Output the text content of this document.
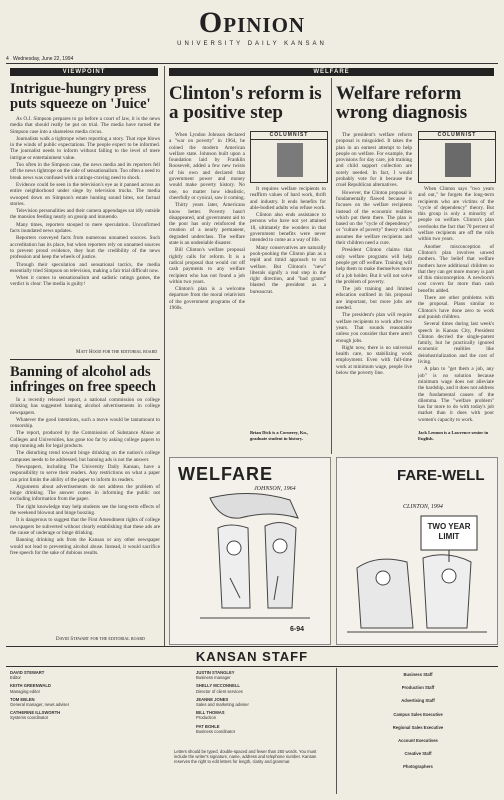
4 Wednesday, June 22, 1994
Opinion
UNIVERSITY DAILY KANSAN
VIEWPOINT
Intrigue-hungry press puts squeeze on 'Juice'

As O.J. Simpson prepares to go before a court of law, it is the news media that should really be put on trial. The media have turned the Simpson case into a shameless media circus.

Journalists walk a tightrope when reporting a story. That rope blows in the winds of public expectations. The people expect to be informed. The journalist needs to inform without falling to the level of mere intrigue or entertainment value.

Too often in the Simpson case, the news media and its reporters fell off the news tightrope on the side of sensationalism. Too often a need to break news was confused with a ratings-craving need to shock.

Evidence could be seen in the television's eye as it panned across an entire neighborhood under siege by television trucks. The media swooped down on Simpson's estate hunting sound bites, not factual stories.

Television personalities and their camera appendages sat idly outside the mansion feeding nearly on gossip and innuendo.

Many times, reporters stooped to mere speculation. Unconfirmed facts inundated news updates.

Reporters conveyed facts from numerous unnamed sources. Such accreditation has its place, but when reporters rely on unnamed sources to prevent proud evidence, they hurt the credibility of the news profession and keep the wheels of justice.

Through their speculation and sensational tactics, the media essentially tried Simpson on television, making a fair trial difficult now.

When it comes to sensationalism and sadistic ratings games, the verdict is clear: The media is guilty!

Matt Hood for the editorial board
Banning of alcohol ads infringes on free speech

In a recently released report, a national commission on college drinking has suggested banning alcohol advertisements in college newspapers.

Whatever the good intentions, such a move would be tantamount to censorship.

The report, produced by the Commission of Substance Abuse at Colleges and Universities, has gone too far by asking college papers to stop running ads for legal products.

The disturbing trend toward binge drinking on the nation's college campuses needs to be addressed, but banning ads is not the answer.

Newspapers, including The University Daily Kansan, have a responsibility to serve their readers. Any restrictions on what a paper can print limits the ability of the paper to inform its readers.

Arguments about advertisements do not address the problem of binge drinking. The answer comes in informing the public not excluding information from the paper.

The right knowledge may help students see the long-term effects of the weekend blowout and binge boozing.

It is dangerous to suggest that the First Amendment rights of college newspapers be subverted without clearly establishing that these ads are the cause of underage or binge drinking.

Banning drinking ads from the Kansan or any other newspaper would not lead to preventing alcohol abuse. Instead, it would sacrifice free speech for the sake of dubious results.

David Stewart for the editorial board
WELFARE
Clinton's reform is a positive step

When Lyndon Johnson declared a "war on poverty" in 1964, he coined the modern American welfare state. Johnson built upon a foundation laid by Franklin Roosevelt, added a few new twists of his own and declared that government power and money would make poverty history. No one, no matter how idealistic, cheerfully or cynical, saw it coming.

Thirty years later, Americans know better. Poverty hasn't disappeared, and government aid to the poor has only reinforced the creation of a nearly permanent, degraded underclass. The welfare state is an undeniable disaster.

Bill Clinton's welfare proposal rightly calls for reform. It is a radical proposal that would cut off cash payments to any welfare recipient who has not found a job within two years.

Clinton's plan is a welcome departure from the moral relativism of the government programs of the 1960s.

COLUMNIST

It requires welfare recipients to reaffirm values of hard work, thrift and industry. It ends benefits for able-bodied adults who refuse work.

Clinton also ends assistance to persons who have not yet attained 18, ultimately the wonders in that government benefits were never intended to come as a way of life.

Many conservatives are naturally pooh-poohing the Clinton plan as a tepid and timid approach to cut welfare. But Clinton's "new" liberals signify a real step in the right direction, and "bad grants" blasted the president as a bureaucrat.

Brian Dick is a Cornerey, Kn., graduate student in history.
Welfare reform wrong diagnosis

The president's welfare reform proposal is misguided. It takes the plan in an earnest attempt to help people on welfare. For example, the provisions for day care, job training and child support collection are sorely needed. In fact, I would probably vote for it because the cruel Republican alternatives.

However, the Clinton proposal is fundamentally flawed because it focuses on the welfare recipients instead of the economic realities which put them there. The plan is based on the "cycle of dependency" or "culture of poverty" theory which assumes the welfare recipients and their children need a cure.

President Clinton claims that only welfare programs will help people get off welfare. Training will help them to make themselves more of a job holder. But it will not solve the problem of poverty.

The job training and limited education outlined in his proposal are important, but more jobs are needed.

The president's plan will require welfare recipients to work after two years. That sounds reasonable unless you consider that there aren't enough jobs.

Right now, there is no universal health care, no stabilizing work employment. Even with full-time work at minimum wage, people live below the poverty line.

COLUMNIST

When Clinton says "two years and out," he forgets the long-term recipients who are victims of the "cycle of dependency" theory. But this group is only a minority of people on welfare. Clinton's plan overlooks the fact that 70 percent of welfare recipients are off the rolls within two years.

Another misconception of Clinton's plan involves unwed mothers. The belief that welfare mothers have additional children so that they can get more money is part of this misconception. A newborn's cost covers far more than cash benefits added.

There are other problems with the proposal. Plans similar to Clinton's have done zero to work and punish children.

Several times during last week's speech in Kansas City, President Clinton decried the single-parent family, but he practically ignored economic realities like deindustrialization and the cost of living.

A plan to "get them a job, any job" is no solution because minimum wage does not alleviate the hardship, and it does not address the fundamental causes of the dilemma. The "welfare problem" has far more to do with today's job market than it does with poor women's capacity to work.

Jack Lennon is a Lawrence senior in English.
WELFARE
JOHNSON, 1964
6-94
FARE-WELL
CLINTON, 1994
TWO YEAR LIMIT
KANSAN STAFF
DAVID STEWART
Editor
KEITH GREENWALD
Managing editor
TOM EBLEN
General manager, news adviser
CATHERINE ILLSWORTH
Systems coordinator
JUSTIN STANGLEY
Business manager
SHELLY MCCONNELL
Director of client services
JEANNE JONES
Sales and marketing adviser
BILL THOMAS
Production
PAT BOHLE
Business coordinator
Letters should be typed, double-spaced and fewer than 250 words. You must include the writer's signature, name, address and telephone number. Kansan reserves the right to edit letters for length, clarity and grammar.
Business Staff
Production Staff
Advertising Staff
Campus Sales Executive
Regional Sales Executive
Account Executives
Creative Staff
Photographers
